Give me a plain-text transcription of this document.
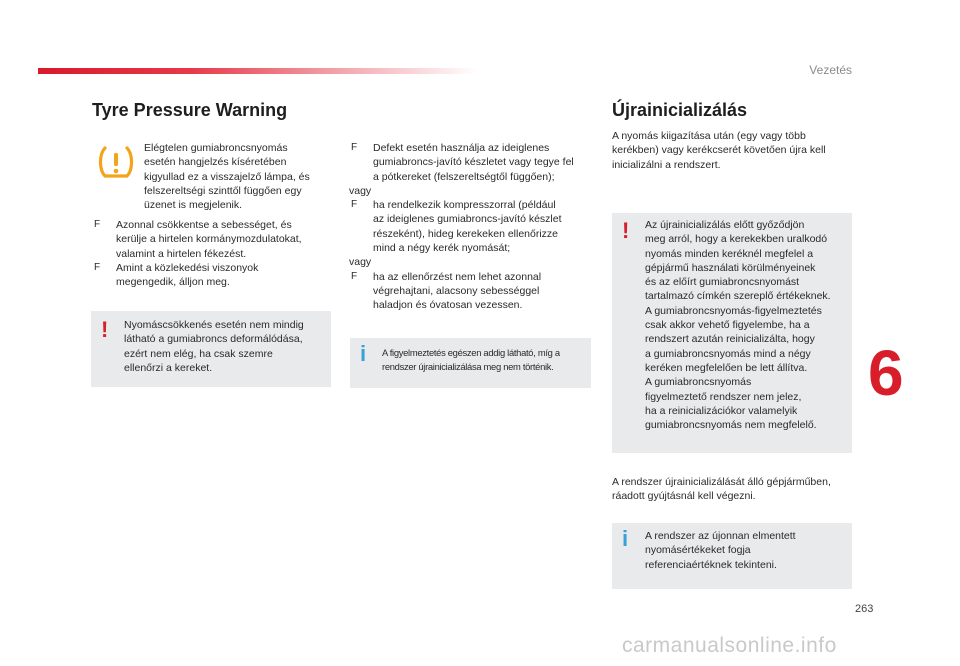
Vezetés
Tyre Pressure Warning
Elégtelen gumiabroncsnyomás
esetén hangjelzés kíséretében
kigyullad ez a visszajelző lámpa, és
felszereltségi szinttől függően egy
üzenet is megjelenik.
F Azonnal csökkentse a sebességet, és
kerülje a hirtelen kormánymozdulatokat,
valamint a hirtelen fékezést.
F Amint a közlekedési viszonyok
megengedik, álljon meg.
! Nyomáscsökkenés esetén nem mindig
látható a gumiabroncs deformálódása,
ezért nem elég, ha csak szemre
ellenőrzi a kereket.
F Defekt esetén használja az ideiglenes
gumiabroncs-javító készletet vagy tegye fel
a pótkereket (felszereltségtől függően);
vagy
F ha rendelkezik kompresszorral (például
az ideiglenes gumiabroncs-javító készlet
részeként), hideg kerekeken ellenőrizze
mind a négy kerék nyomását;
vagy
F ha az ellenőrzést nem lehet azonnal
végrehajtani, alacsony sebességgel
haladjon és óvatosan vezessen.
i A figyelmeztetés egészen addig látható, míg a
rendszer újrainicializálása meg nem történik.
Újrainicializálás
A nyomás kiigazítása után (egy vagy több
kerékben) vagy kerékcserét követően újra kell
inicializálni a rendszert.
! Az újrainicializálás előtt győződjön
meg arról, hogy a kerekekben uralkodó
nyomás minden keréknél megfelel a
gépjármű használati körülményeinek
és az előírt gumiabroncsnyomást
tartalmazó címkén szereplő értékeknek.
A gumiabroncsnyomás-figyelmeztetés
csak akkor vehető figyelembe, ha a
rendszert azután reinicializálta, hogy
a gumiabroncsnyomás mind a négy
keréken megfelelően be lett állítva.
A gumiabroncsnyomás
figyelmeztető rendszer nem jelez,
ha a reinicializációkor valamelyik
gumiabroncsnyomás nem megfelelő.
A rendszer újrainicializálását álló gépjárműben,
ráadott gyújtásnál kell végezni.
i A rendszer az újonnan elmentett
nyomásértékeket fogja
referenciaértéknek tekinteni.
6
263
carmanualsonline.info
